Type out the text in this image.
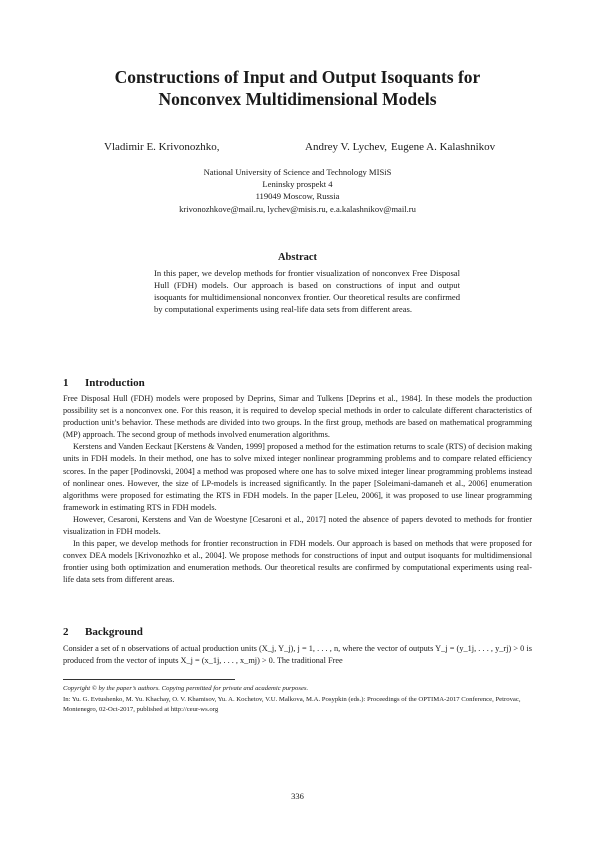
Constructions of Input and Output Isoquants for
Nonconvex Multidimensional Models
Vladimir E. Krivonozhko,	Andrey V. Lychev, Eugene A. Kalashnikov
National University of Science and Technology MISiS
Leninsky prospekt 4
119049 Moscow, Russia
krivonozhkove@mail.ru, lychev@misis.ru, e.a.kalashnikov@mail.ru
Abstract
In this paper, we develop methods for frontier visualization of nonconvex Free Disposal Hull (FDH) models. Our approach is based on constructions of input and output isoquants for multidimensional nonconvex frontier. Our theoretical results are confirmed by computational experiments using real-life data sets from different areas.
1 Introduction

Free Disposal Hull (FDH) models were proposed by Deprins, Simar and Tulkens [Deprins et al., 1984]. In these models the production possibility set is a nonconvex one. For this reason, it is required to develop special methods in order to calculate different characteristics of production unit’s behavior. These methods are divided into two groups. In the first group, methods are based on mathematical programming (MP) approach. The second group of methods involved enumeration algorithms.

Kerstens and Vanden Eeckaut [Kerstens & Vanden, 1999] proposed a method for the estimation returns to scale (RTS) of decision making units in FDH models. In their method, one has to solve mixed integer nonlinear programming problems and to compare related efficiency scores. In the paper [Podinovski, 2004] a method was proposed where one has to solve mixed integer linear programming problems instead of nonlinear ones. However, the size of LP-models is increased significantly. In the paper [Soleimani-damaneh et al., 2006] enumeration algorithms were proposed for estimating the RTS in FDH models. In the paper [Leleu, 2006], it was proposed to use linear programming framework in estimating RTS in FDH models.

However, Cesaroni, Kerstens and Van de Woestyne [Cesaroni et al., 2017] noted the absence of papers devoted to methods for frontier visualization in FDH models.

In this paper, we develop methods for frontier reconstruction in FDH models. Our approach is based on methods that were proposed for convex DEA models [Krivonozhko et al., 2004]. We propose methods for constructions of input and output isoquants for multidimensional frontier using both optimization and enumeration methods. Our theoretical results are confirmed by computational experiments using real-life data sets from different areas.

2 Background

Consider a set of n observations of actual production units (X_j, Y_j), j = 1, . . . , n, where the vector of outputs Y_j = (y_1j, . . . , y_rj) > 0 is produced from the vector of inputs X_j = (x_1j, . . . , x_mj) > 0. The traditional Free

Copyright © by the paper’s authors. Copying permitted for private and academic purposes.

In: Yu. G. Evtushenko, M. Yu. Khachay, O. V. Khamisov, Yu. A. Kochetov, V.U. Malkova, M.A. Posypkin (eds.): Proceedings of the OPTIMA-2017 Conference, Petrovac, Montenegro, 02-Oct-2017, published at http://ceur-ws.org

336
